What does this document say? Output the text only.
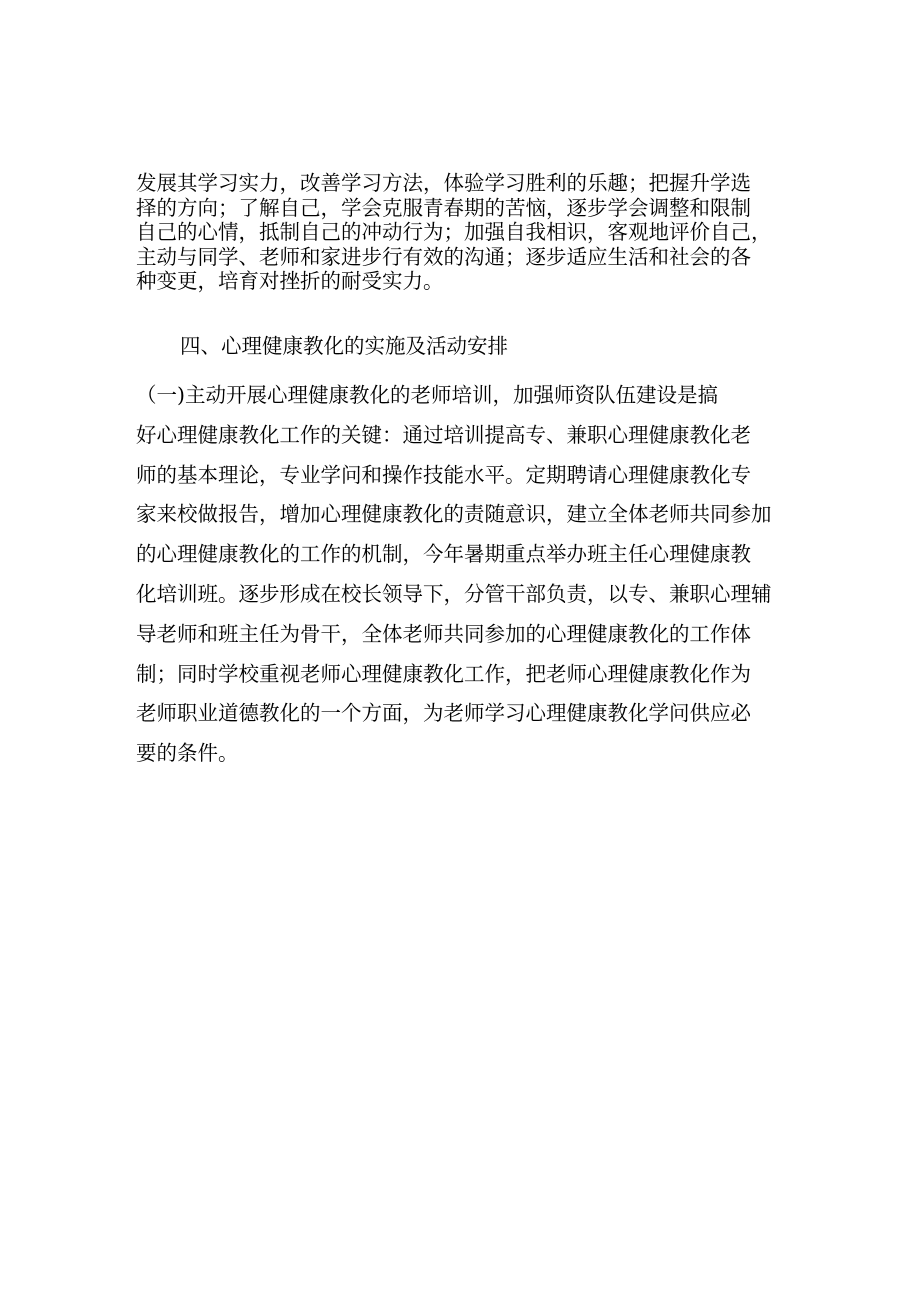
发展其学习实力，改善学习方法，体验学习胜利的乐趣；把握升学选
择的方向；了解自己，学会克服青春期的苦恼，逐步学会调整和限制
自己的心情，抵制自己的冲动行为；加强自我相识，客观地评价自己，
主动与同学、老师和家进步行有效的沟通；逐步适应生活和社会的各
种变更，培育对挫折的耐受实力。

四、心理健康教化的实施及活动安排

（一)主动开展心理健康教化的老师培训，加强师资队伍建设是搞
好心理健康教化工作的关键：通过培训提高专、兼职心理健康教化老
师的基本理论，专业学问和操作技能水平。定期聘请心理健康教化专
家来校做报告，增加心理健康教化的责随意识，建立全体老师共同参加
的心理健康教化的工作的机制，今年暑期重点举办班主任心理健康教
化培训班。逐步形成在校长领导下，分管干部负责，以专、兼职心理辅
导老师和班主任为骨干，全体老师共同参加的心理健康教化的工作体
制；同时学校重视老师心理健康教化工作，把老师心理健康教化作为
老师职业道德教化的一个方面，为老师学习心理健康教化学问供应必
要的条件。
